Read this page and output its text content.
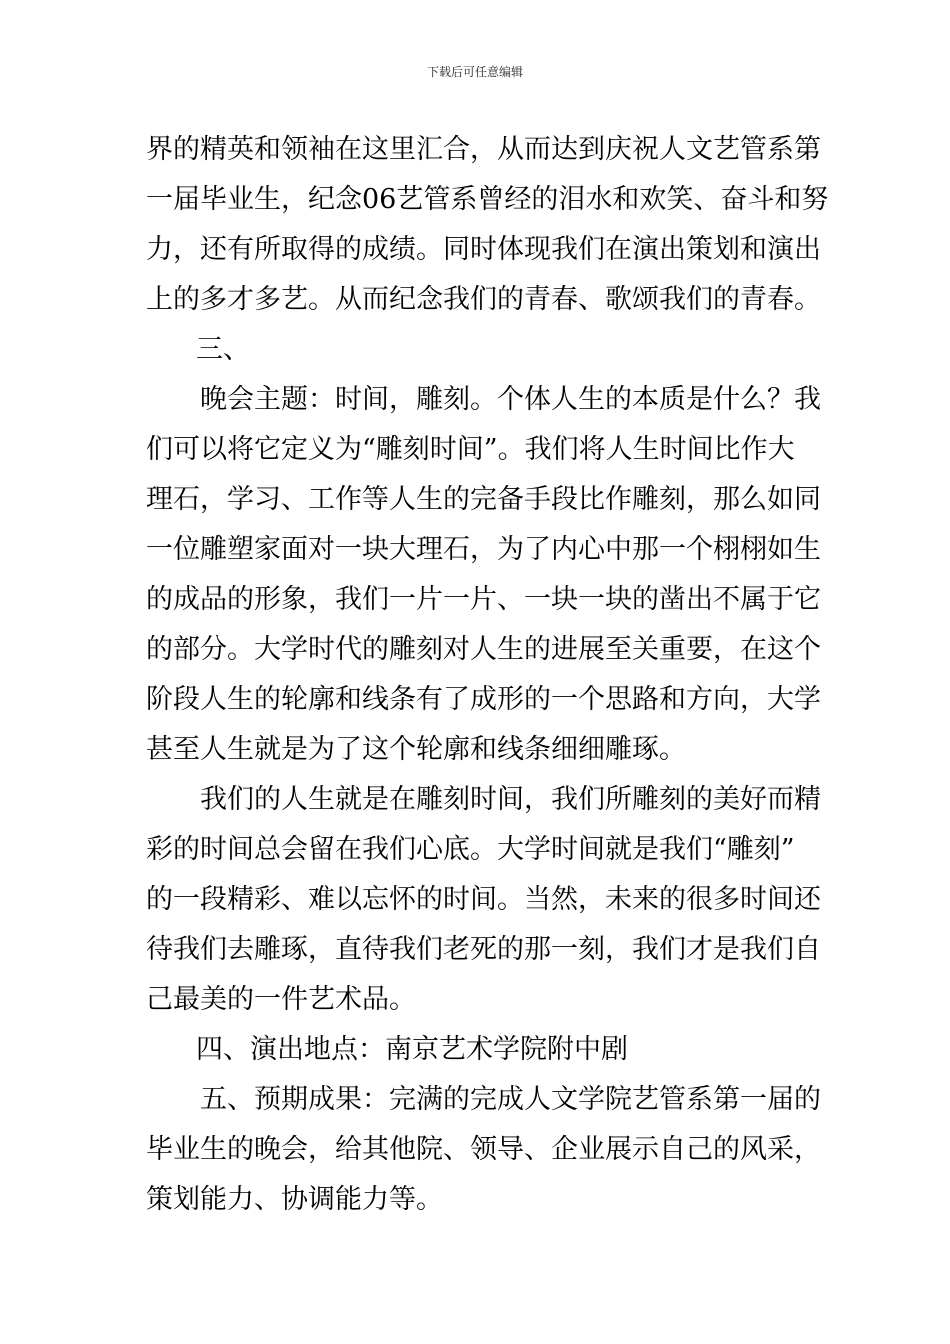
下载后可任意编辑
界的精英和领袖在这里汇合，从而达到庆祝人文艺管系第
一届毕业生，纪念06艺管系曾经的泪水和欢笑、奋斗和努
力，还有所取得的成绩。同时体现我们在演出策划和演出
上的多才多艺。从而纪念我们的青春、歌颂我们的青春。
三、
晚会主题：时间，雕刻。个体人生的本质是什么？我
们可以将它定义为“雕刻时间”。我们将人生时间比作大
理石，学习、工作等人生的完备手段比作雕刻，那么如同
一位雕塑家面对一块大理石，为了内心中那一个栩栩如生
的成品的形象，我们一片一片、一块一块的凿出不属于它
的部分。大学时代的雕刻对人生的进展至关重要，在这个
阶段人生的轮廓和线条有了成形的一个思路和方向，大学
甚至人生就是为了这个轮廓和线条细细雕琢。
我们的人生就是在雕刻时间，我们所雕刻的美好而精
彩的时间总会留在我们心底。大学时间就是我们“雕刻”
的一段精彩、难以忘怀的时间。当然，未来的很多时间还
待我们去雕琢，直待我们老死的那一刻，我们才是我们自
己最美的一件艺术品。
四、演出地点：南京艺术学院附中剧
五、预期成果：完满的完成人文学院艺管系第一届的
毕业生的晚会，给其他院、领导、企业展示自己的风采，
策划能力、协调能力等。
